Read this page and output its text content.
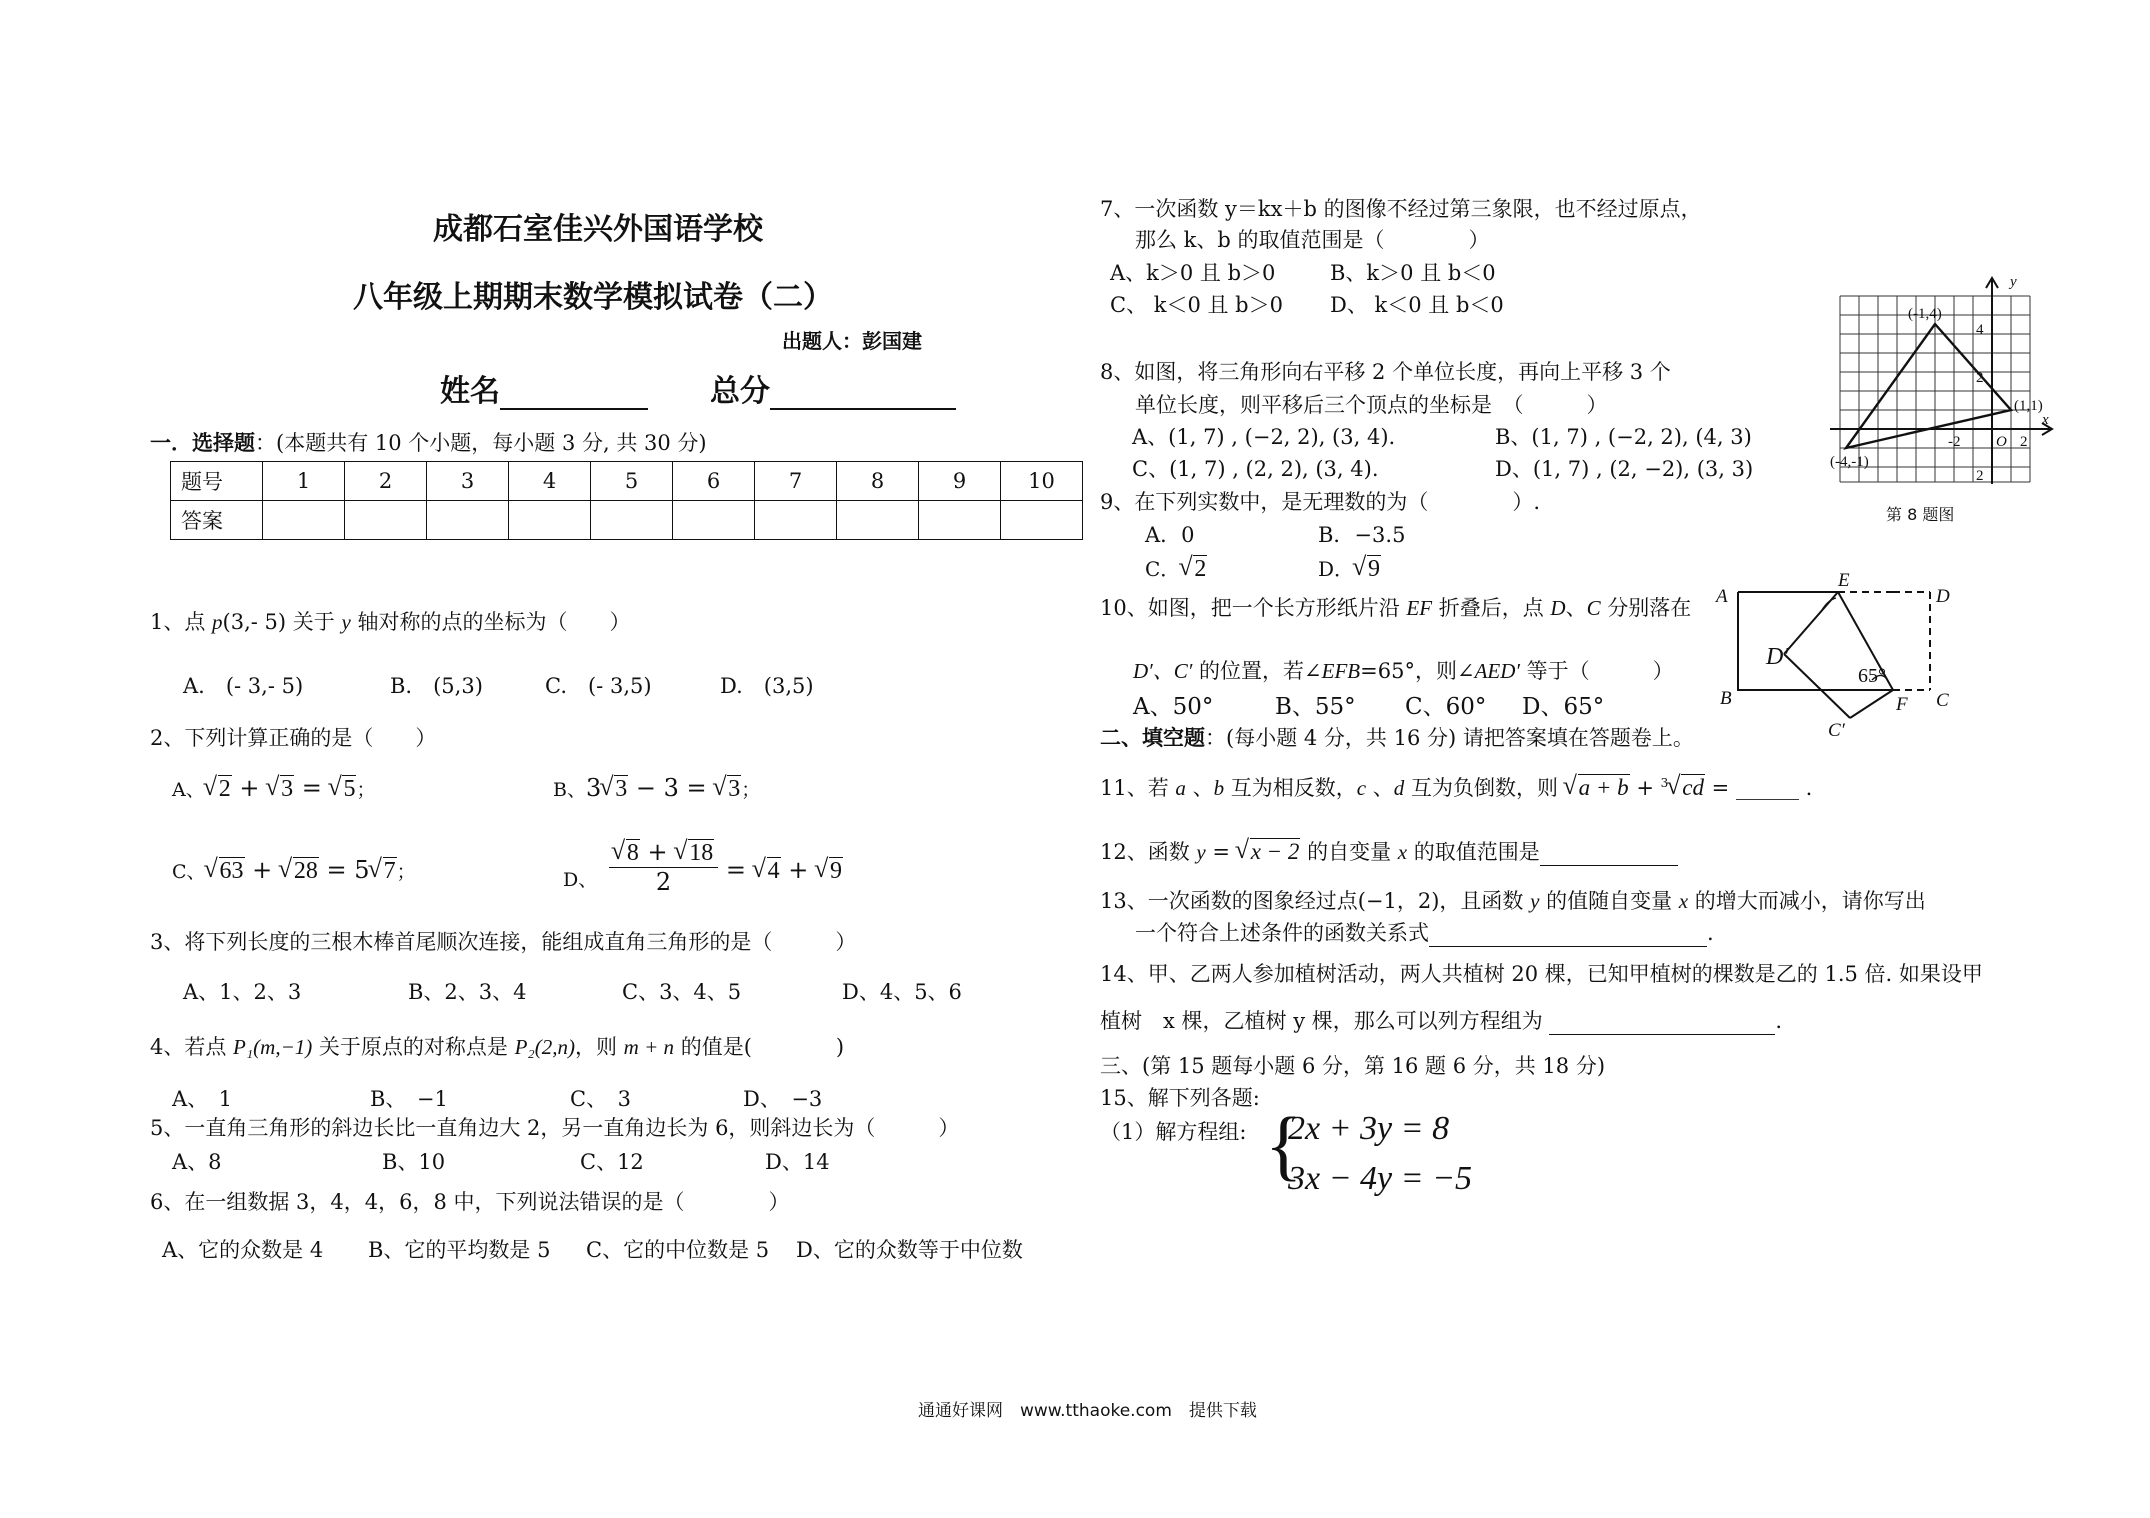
成都石室佳兴外国语学校
八年级上期期末数学模拟试卷（二）
出题人：彭国建
姓名	总分
一．选择题：(本题共有 10 个小题，每小题 3 分, 共 30 分)
题号	1	2	3	4	5	6	7	8	9	10
答案										
1、点 p(3,- 5) 关于 y 轴对称的点的坐标为（　　）
A.　(- 3,- 5)	B.　(5,3)	C.　(- 3,5)	D.　(3,5)
2、下列计算正确的是（　　）
A、 √ 2 + √ 3 = √ 5；	B、3 √ 3 − 3 = √ 3；
C、 √ 63 + √ 28 = 5 √ 7；	$_{D、}$ √ $\frac{8 + √ 18}{2}$ = √ 4 + √ 9
3、将下列长度的三根木棒首尾顺次连接，能组成直角三角形的是（　　　）
A、1、2、3	B、2、3、4	C、3、4、5	D、4、5、6
4、若点 P₁(m,−1) 关于原点的对称点是 P₂(2,n)，则 m + n 的值是(　　　　)
A、　1	B、　−1	C、　3	D、　−3
5、一直角三角形的斜边长比一直角边大 2，另一直角边长为 6，则斜边长为（　　　）
A、8	B、10	C、12	D、14
6、在一组数据 3，4，4，6，8 中，下列说法错误的是（　　　　）
A、它的众数是 4 B、它的平均数是 5 C、它的中位数是 5 D、它的众数等于中位数
7、一次函数 y＝kx＋b 的图像不经过第三象限，也不经过原点，
那么 k、b 的取值范围是（　　　　）
A、k＞0 且 b＞0	B、k＞0 且 b＜0
C、 k＜0 且 b＞0 D、 k＜0 且 b＜0
8、如图，将三角形向右平移 2 个单位长度，再向上平移 3 个
单位长度，则平移后三个顶点的坐标是　（　　　）
A、(1, 7) , (−2, 2), (3, 4).	B、(1, 7) , (−2, 2), (4, 3)
C、(1, 7) , (2, 2), (3, 4).	D、(1, 7) , (2, −2), (3, 3)
y
x
O
(-1,4)
(1,1)
(-4,-1)
4
2
-2	2
2
第 8 题图
9、在下列实数中，是无理数的为（　　　　）.
A．0	B．−3.5
C． √ 2	D． √ 9
10、如图，把一个长方形纸片沿 EF 折叠后，点 D、C 分别落在
D′、C′ 的位置，若∠EFB=65°，则∠AED′ 等于（　　　）
A、50°	B、55° C、60° D、65°
A
E
D
B	F C
D′
C′
65°
二、填空题：(每小题 4 分，共 16 分) 请把答案填在答题卷上。
11、若 a 、b 互为相反数，c 、d 互为负倒数，则 √ a + b + $^3$ √ cd = ______ .
12、函数 y = √ x − 2 的自变量 x 的取值范围是
13、一次函数的图象经过点(−1，2)，且函数 y 的值随自变量 x 的增大而减小，请你写出
一个符合上述条件的函数关系式	.
14、甲、乙两人参加植树活动，两人共植树 20 棵，已知甲植树的棵数是乙的 1.5 倍. 如果设甲
植树　x 棵，乙植树 y 棵，那么可以列方程组为	.
三、(第 15 题每小题 6 分，第 16 题 6 分，共 18 分)
15、解下列各题:
（1）解方程组: {
2x + 3y = 8
3x − 4y = −5
通通好课网　www.tthaoke.com　提供下载
